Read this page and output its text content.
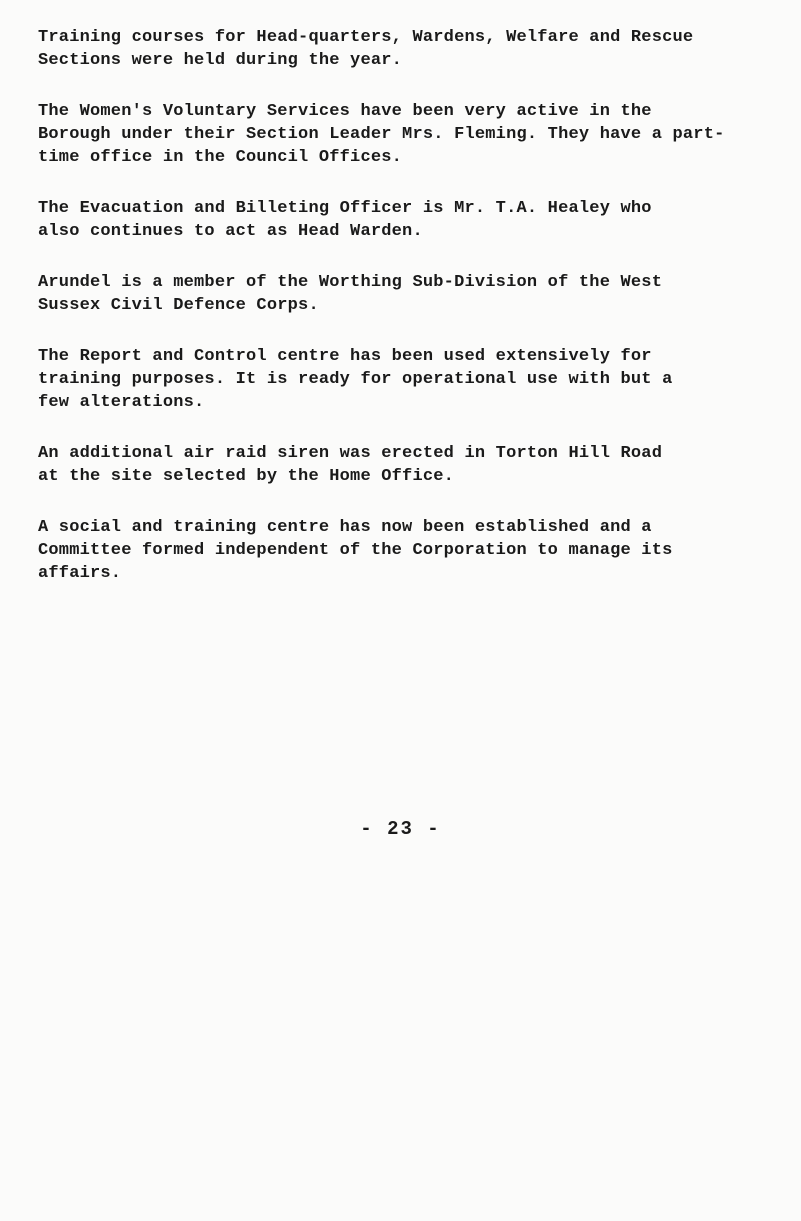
Training courses for Head-quarters, Wardens, Welfare and Rescue
Sections were held during the year.

The Women's Voluntary Services have been very active in the
Borough under their Section Leader Mrs. Fleming. They have a part-
time office in the Council Offices.

The Evacuation and Billeting Officer is Mr. T.A. Healey who
also continues to act as Head Warden.

Arundel is a member of the Worthing Sub-Division of the West
Sussex Civil Defence Corps.

The Report and Control centre has been used extensively for
training purposes. It is ready for operational use with but a
few alterations.

An additional air raid siren was erected in Torton Hill Road
at the site selected by the Home Office.

A social and training centre has now been established and a
Committee formed independent of the Corporation to manage its
affairs.

- 23 -
